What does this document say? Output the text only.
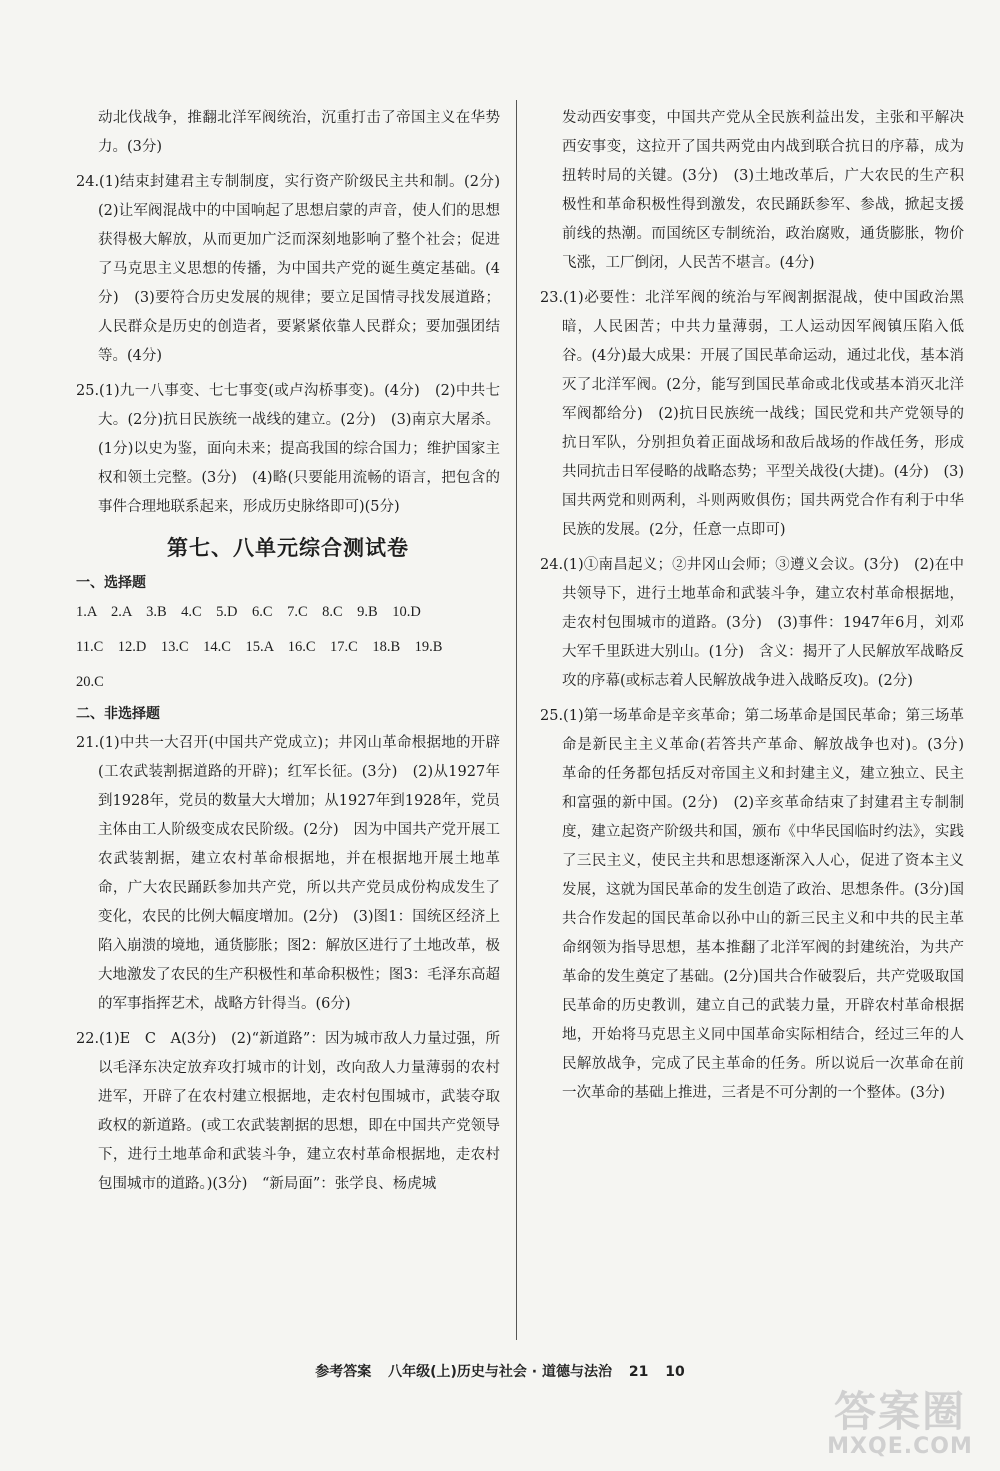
动北伐战争，推翻北洋军阀统治，沉重打击了帝国主义在华势力。(3分)

24.(1)结束封建君主专制制度，实行资产阶级民主共和制。(2分)　(2)让军阀混战中的中国响起了思想启蒙的声音，使人们的思想获得极大解放，从而更加广泛而深刻地影响了整个社会；促进了马克思主义思想的传播，为中国共产党的诞生奠定基础。(4分)　(3)要符合历史发展的规律；要立足国情寻找发展道路；人民群众是历史的创造者，要紧紧依靠人民群众；要加强团结等。(4分)

25.(1)九一八事变、七七事变(或卢沟桥事变)。(4分)　(2)中共七大。(2分)抗日民族统一战线的建立。(2分)　(3)南京大屠杀。(1分)以史为鉴，面向未来；提高我国的综合国力；维护国家主权和领土完整。(3分)　(4)略(只要能用流畅的语言，把包含的事件合理地联系起来，形成历史脉络即可)(5分)

第七、八单元综合测试卷
一、选择题
1.A　2.A　3.B　4.C　5.D　6.C　7.C　8.C　9.B　10.D
11.C　12.D　13.C　14.C　15.A　16.C　17.C　18.B　19.B
20.C
二、非选择题

21.(1)中共一大召开(中国共产党成立)；井冈山革命根据地的开辟(工农武装割据道路的开辟)；红军长征。(3分)　(2)从1927年到1928年，党员的数量大大增加；从1927年到1928年，党员主体由工人阶级变成农民阶级。(2分)　因为中国共产党开展工农武装割据，建立农村革命根据地，并在根据地开展土地革命，广大农民踊跃参加共产党，所以共产党员成份构成发生了变化，农民的比例大幅度增加。(2分)　(3)图1：国统区经济上陷入崩溃的境地，通货膨胀；图2：解放区进行了土地改革，极大地激发了农民的生产积极性和革命积极性；图3：毛泽东高超的军事指挥艺术，战略方针得当。(6分)

22.(1)E　C　A(3分)　(2)“新道路”：因为城市敌人力量过强，所以毛泽东决定放弃攻打城市的计划，改向敌人力量薄弱的农村进军，开辟了在农村建立根据地，走农村包围城市，武装夺取政权的新道路。(或工农武装割据的思想，即在中国共产党领导下，进行土地革命和武装斗争，建立农村革命根据地，走农村包围城市的道路。)(3分)　“新局面”：张学良、杨虎城

发动西安事变，中国共产党从全民族利益出发，主张和平解决西安事变，这拉开了国共两党由内战到联合抗日的序幕，成为扭转时局的关键。(3分)　(3)土地改革后，广大农民的生产积极性和革命积极性得到激发，农民踊跃参军、参战，掀起支援前线的热潮。而国统区专制统治，政治腐败，通货膨胀，物价飞涨，工厂倒闭，人民苦不堪言。(4分)

23.(1)必要性：北洋军阀的统治与军阀割据混战，使中国政治黑暗，人民困苦；中共力量薄弱，工人运动因军阀镇压陷入低谷。(4分)最大成果：开展了国民革命运动，通过北伐，基本消灭了北洋军阀。(2分，能写到国民革命或北伐或基本消灭北洋军阀都给分)　(2)抗日民族统一战线；国民党和共产党领导的抗日军队，分别担负着正面战场和敌后战场的作战任务，形成共同抗击日军侵略的战略态势；平型关战役(大捷)。(4分)　(3)国共两党和则两利，斗则两败俱伤；国共两党合作有利于中华民族的发展。(2分，任意一点即可)

24.(1)①南昌起义；②井冈山会师；③遵义会议。(3分)　(2)在中共领导下，进行土地革命和武装斗争，建立农村革命根据地，走农村包围城市的道路。(3分)　(3)事件：1947年6月，刘邓大军千里跃进大别山。(1分)　含义：揭开了人民解放军战略反攻的序幕(或标志着人民解放战争进入战略反攻)。(2分)

25.(1)第一场革命是辛亥革命；第二场革命是国民革命；第三场革命是新民主主义革命(若答共产革命、解放战争也对)。(3分)　革命的任务都包括反对帝国主义和封建主义，建立独立、民主和富强的新中国。(2分)　(2)辛亥革命结束了封建君主专制制度，建立起资产阶级共和国，颁布《中华民国临时约法》，实践了三民主义，使民主共和思想逐渐深入人心，促进了资本主义发展，这就为国民革命的发生创造了政治、思想条件。(3分)国共合作发起的国民革命以孙中山的新三民主义和中共的民主革命纲领为指导思想，基本推翻了北洋军阀的封建统治，为共产革命的发生奠定了基础。(2分)国共合作破裂后，共产党吸取国民革命的历史教训，建立自己的武装力量，开辟农村革命根据地，开始将马克思主义同中国革命实际相结合，经过三年的人民解放战争，完成了民主革命的任务。所以说后一次革命在前一次革命的基础上推进，三者是不可分割的一个整体。(3分)

参考答案 八年级(上)历史与社会 · 道德与法治 21 10
答案圈
MXQE.COM
